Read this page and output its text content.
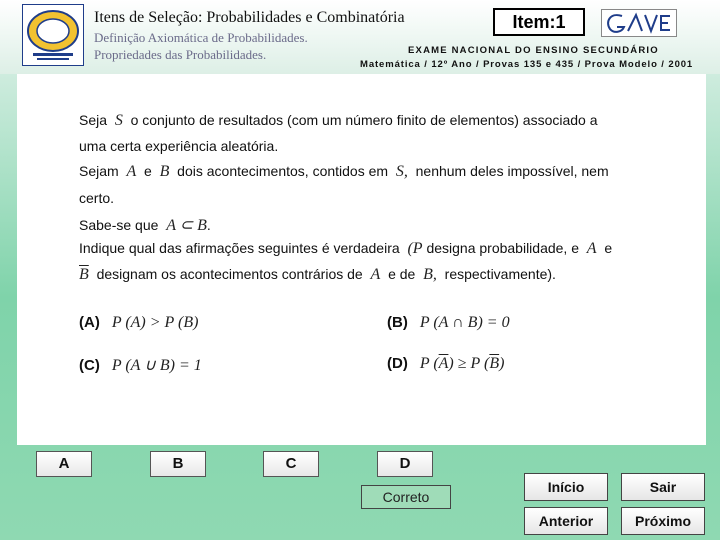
Itens de Seleção: Probabilidades e Combinatória
Definição Axiomática de Probabilidades.
Propriedades das Probabilidades.
Item:1
EXAME NACIONAL DO ENSINO SECUNDÁRIO
Matemática / 12º Ano / Provas 135 e 435 / Prova Modelo / 2001
Seja S o conjunto de resultados (com um número finito de elementos) associado a
uma certa experiência aleatória.
Sejam A e B dois acontecimentos, contidos em S, nenhum deles impossível, nem
certo.
Sabe-se que A ⊂ B.
Indique qual das afirmações seguintes é verdadeira (P designa probabilidade, e A e
$\overline{B}$ designam os acontecimentos contrários de A e de B, respectivamente).
(A) P (A) > P (B)	(B) P (A ∩ B) = 0
(C) P (A ∪ B) = 1	(D) P $(\overline{A}) \ge P$ $(\overline{B})$
A	B	C	D
Correto
Início	Sair
Anterior	Próximo
